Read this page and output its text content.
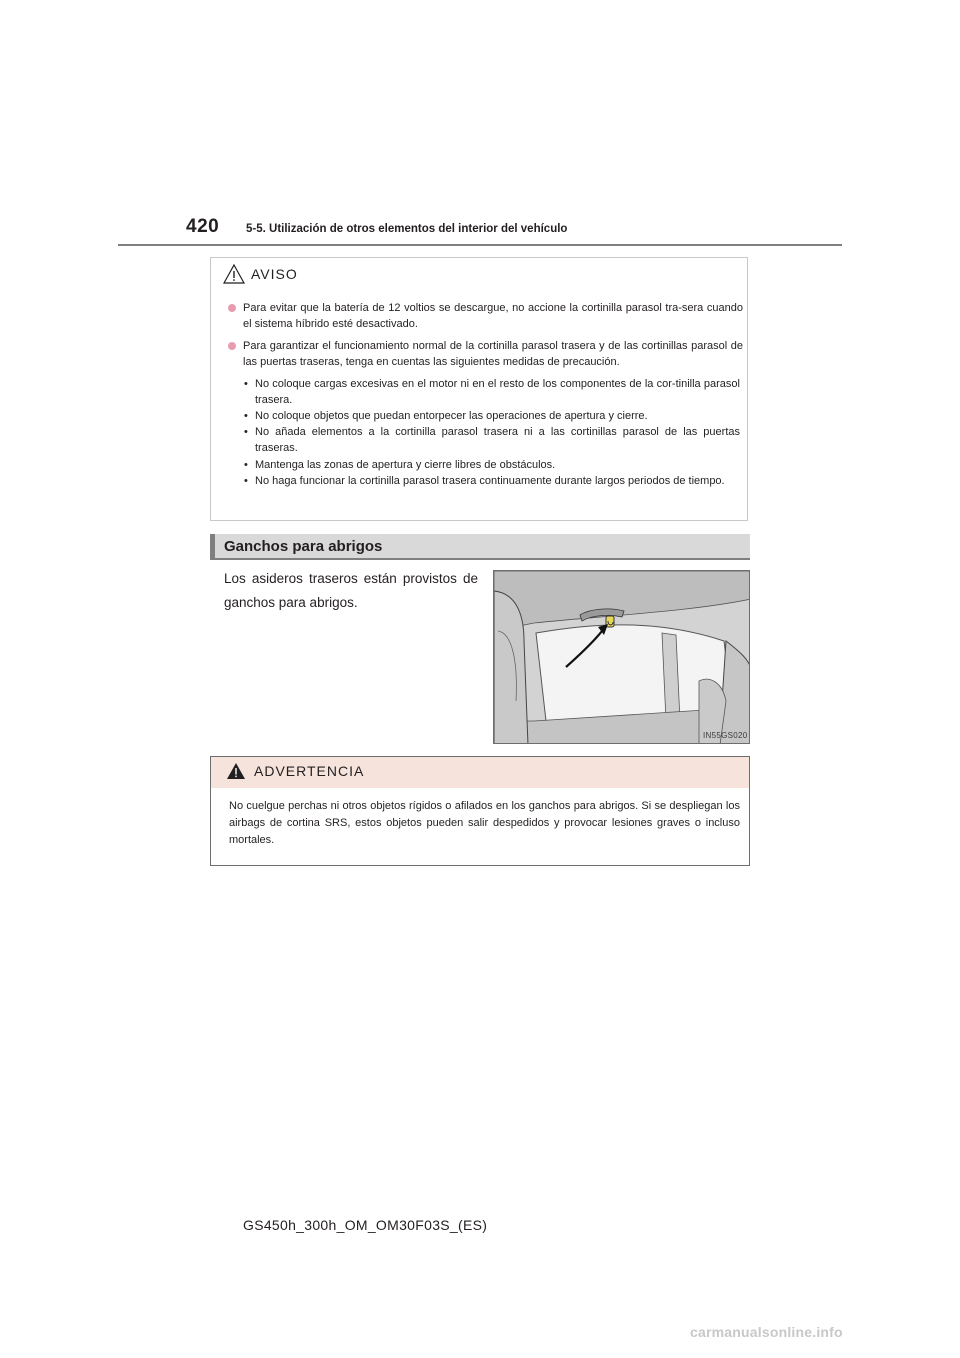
420 5-5. Utilización de otros elementos del interior del vehículo
AVISO
Para evitar que la batería de 12 voltios se descargue, no accione la cortinilla parasol tra-sera cuando el sistema híbrido esté desactivado.
Para garantizar el funcionamiento normal de la cortinilla parasol trasera y de las cortinillas parasol de las puertas traseras, tenga en cuentas las siguientes medidas de precaución.
• No coloque cargas excesivas en el motor ni en el resto de los componentes de la cor-tinilla parasol trasera.
• No coloque objetos que puedan entorpecer las operaciones de apertura y cierre.
• No añada elementos a la cortinilla parasol trasera ni a las cortinillas parasol de las puertas traseras.
• Mantenga las zonas de apertura y cierre libres de obstáculos.
• No haga funcionar la cortinilla parasol trasera continuamente durante largos periodos de tiempo.
Ganchos para abrigos
Los asideros traseros están provistos de ganchos para abrigos.
IN55GS020
ADVERTENCIA
No cuelgue perchas ni otros objetos rígidos o afilados en los ganchos para abrigos. Si se despliegan los airbags de cortina SRS, estos objetos pueden salir despedidos y provocar lesiones graves o incluso mortales.
GS450h_300h_OM_OM30F03S_(ES)
carmanualsonline.info
